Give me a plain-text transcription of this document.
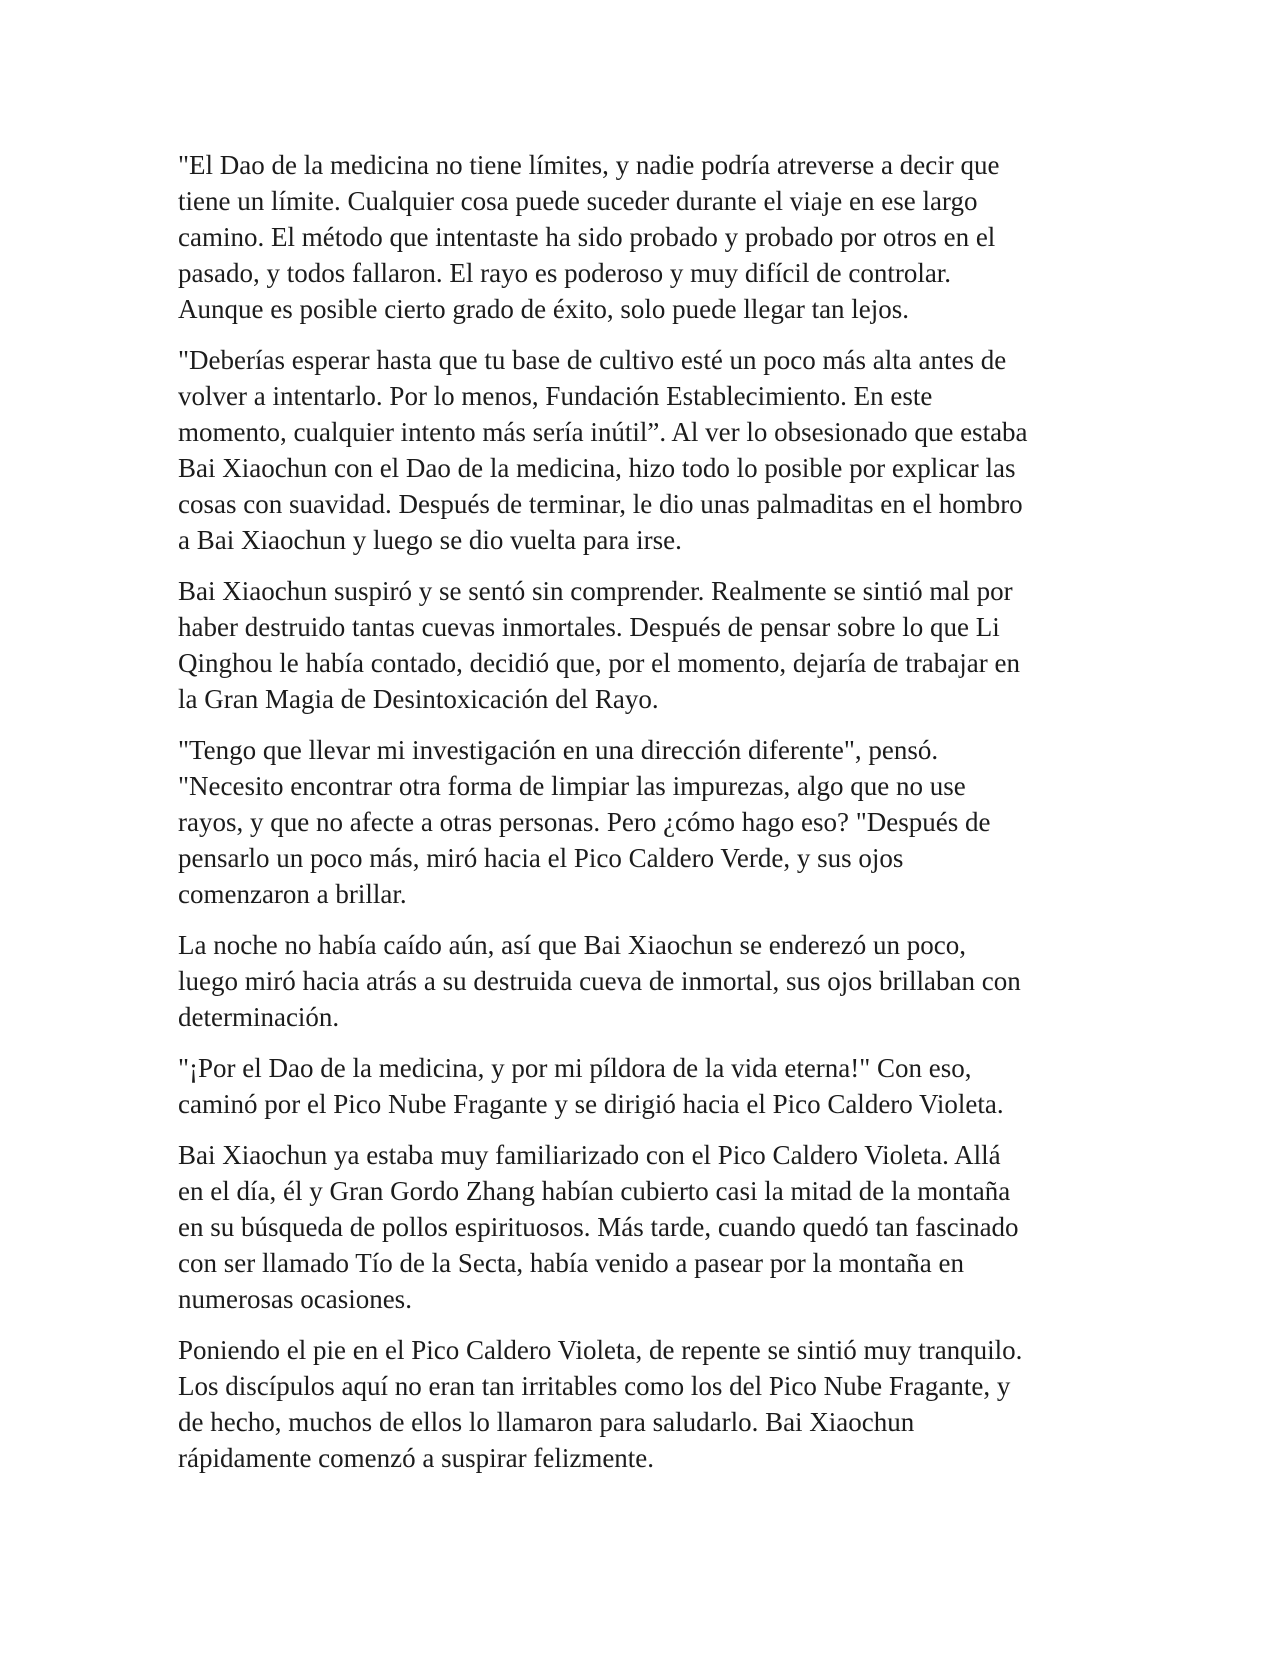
"El Dao de la medicina no tiene límites, y nadie podría atreverse a decir que
tiene un límite. Cualquier cosa puede suceder durante el viaje en ese largo
camino. El método que intentaste ha sido probado y probado por otros en el
pasado, y todos fallaron. El rayo es poderoso y muy difícil de controlar.
Aunque es posible cierto grado de éxito, solo puede llegar tan lejos.

"Deberías esperar hasta que tu base de cultivo esté un poco más alta antes de
volver a intentarlo. Por lo menos, Fundación Establecimiento. En este
momento, cualquier intento más sería inútil”. Al ver lo obsesionado que estaba
Bai Xiaochun con el Dao de la medicina, hizo todo lo posible por explicar las
cosas con suavidad. Después de terminar, le dio unas palmaditas en el hombro
a Bai Xiaochun y luego se dio vuelta para irse.

Bai Xiaochun suspiró y se sentó sin comprender. Realmente se sintió mal por
haber destruido tantas cuevas inmortales. Después de pensar sobre lo que Li
Qinghou le había contado, decidió que, por el momento, dejaría de trabajar en
la Gran Magia de Desintoxicación del Rayo.

"Tengo que llevar mi investigación en una dirección diferente", pensó.
"Necesito encontrar otra forma de limpiar las impurezas, algo que no use
rayos, y que no afecte a otras personas. Pero ¿cómo hago eso? "Después de
pensarlo un poco más, miró hacia el Pico Caldero Verde, y sus ojos
comenzaron a brillar.

La noche no había caído aún, así que Bai Xiaochun se enderezó un poco,
luego miró hacia atrás a su destruida cueva de inmortal, sus ojos brillaban con
determinación.

"¡Por el Dao de la medicina, y por mi píldora de la vida eterna!" Con eso,
caminó por el Pico Nube Fragante y se dirigió hacia el Pico Caldero Violeta.

Bai Xiaochun ya estaba muy familiarizado con el Pico Caldero Violeta. Allá
en el día, él y Gran Gordo Zhang habían cubierto casi la mitad de la montaña
en su búsqueda de pollos espirituosos. Más tarde, cuando quedó tan fascinado
con ser llamado Tío de la Secta, había venido a pasear por la montaña en
numerosas ocasiones.

Poniendo el pie en el Pico Caldero Violeta, de repente se sintió muy tranquilo.
Los discípulos aquí no eran tan irritables como los del Pico Nube Fragante, y
de hecho, muchos de ellos lo llamaron para saludarlo. Bai Xiaochun
rápidamente comenzó a suspirar felizmente.
